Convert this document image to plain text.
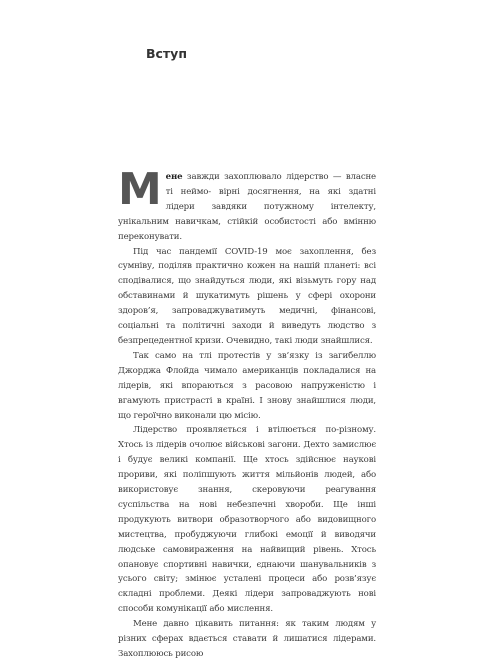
Вступ

М ене завжди захоплювало лідерство — власне ті неймо- вірні досягнення, на які здатні лідери завдяки потужному інтелекту, унікальним навичкам, стійкій особистості або вмінню переконувати.

Під час пандемії COVID-19 моє захоплення, без сумніву, поділяв практично кожен на нашій планеті: всі сподівалися, що знайдуться люди, які візьмуть гору над обставинами й шукатимуть рішень у сфері охорони здоров’я, запроваджуватимуть медичні, фінансові, соціальні та політичні заходи й виведуть людство з безпрецедентної кризи. Очевидно, такі люди знайшлися.

Так само на тлі протестів у зв’язку із загибеллю Джорджа Флойда чимало американців покладалися на лідерів, які впораються з расовою напруженістю і вгамують пристрасті в країні. І знову знайшлися люди, що героїчно виконали цю місію.

Лідерство проявляється і втілюється по-різному. Хтось із лідерів очолює військові загони. Дехто замислює і будує великі компанії. Ще хтось здійснює наукові прориви, які поліпшують життя мільйонів людей, або використовує знання, скеровуючи реагування суспільства на нові небезпечні хвороби. Ще інші продукують витвори образотворчого або видовищного мистецтва, пробуджуючи глибокі емоції й виводячи людське самовираження на найвищий рівень. Хтось опановує спортивні навички, єднаючи шанувальників з усього світу; змінює усталені процеси або розв’язує складні проблеми. Деякі лідери запроваджують нові способи комунікації або мислення.

Мене давно цікавить питання: як таким людям у різних сферах вдається ставати й лишатися лідерами. Захоплююсь рисою
